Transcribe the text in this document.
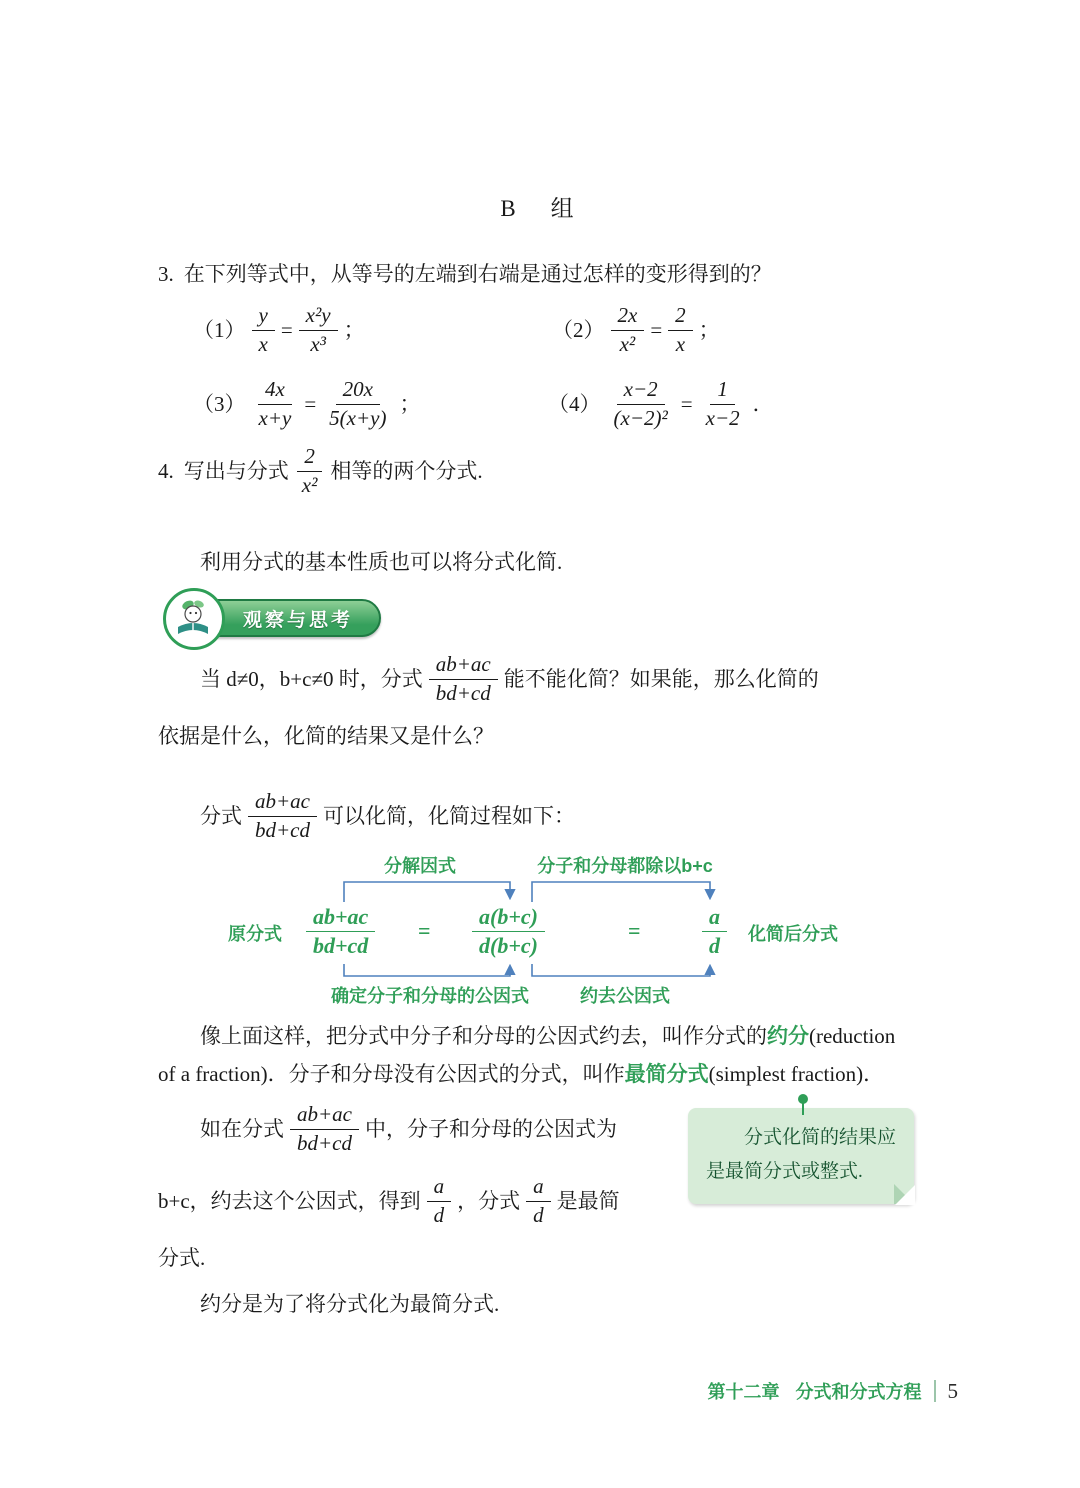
B　组
3. 在下列等式中，从等号的左端到右端是通过怎样的变形得到的？
$(1) \frac{y}{x} = \frac{\text{x²y}}{\text{x³}}$ ；	$(2) \frac{2x}{\text{x²}} = \frac{2}{x}$ ；
$(3) \frac{4x}{x+y} = \frac{20x}{5(x+y)}$ ；	$(4) \frac{x-2}{\text{(x−2)²}} = \frac{1}{x-2}$ ．
4. 写出与分式 $\frac{2}{\text{x²}}$ 相等的两个分式.
利用分式的基本性质也可以将分式化简.
观察与思考
当 d≠0，b+c≠0 时，分式 $\frac{ab+ac}{bd+cd}$ 能不能化简？如果能，那么化简的
依据是什么，化简的结果又是什么？
分式 $\frac{ab+ac}{bd+cd}$ 可以化简，化简过程如下：
分解因式	分子和分母都除以b+c
原分式 $\frac{ab+ac}{bd+cd} = \frac{a(b+c)}{d(b+c)}$	=	$\frac{a}{d}$ 化简后分式
确定分子和分母的公因式	约去公因式
像上面这样，把分式中分子和分母的公因式约去，叫作分式的约分(reduction
of a fraction)．分子和分母没有公因式的分式，叫作最简分式(simplest fraction)．
如在分式 $\frac{ab+ac}{bd+cd}$ 中，分子和分母的公因式为	分式化简的结果应
是最简分式或整式.
b+c，约去这个公因式，得到 $\frac{a}{d}$ ，分式 $\frac{a}{d}$ 是最简
分式.
约分是为了将分式化为最简分式.
第十二章 分式和分式方程 5
